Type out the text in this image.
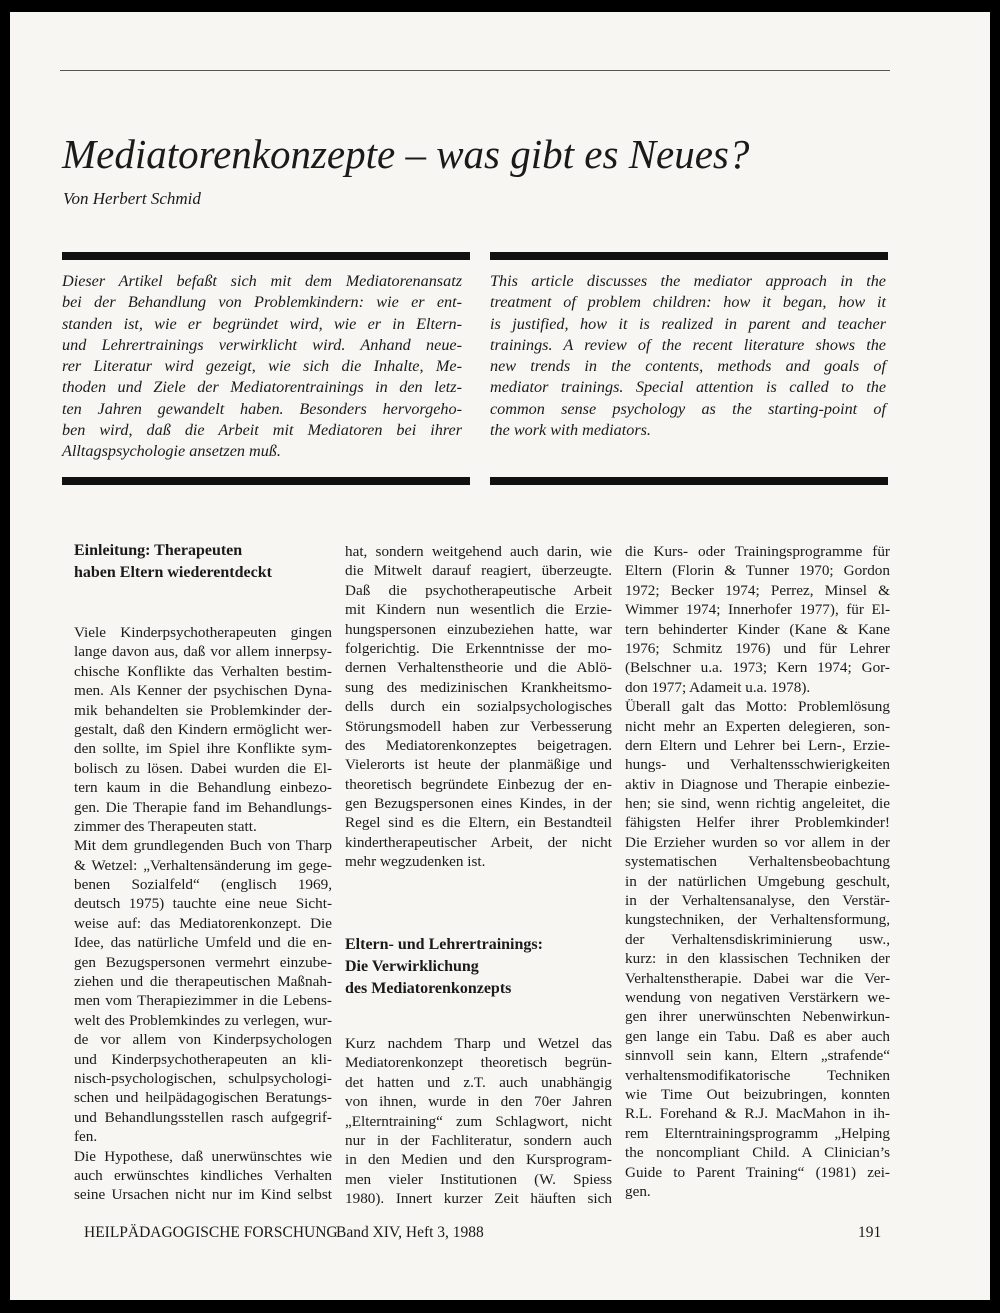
Mediatorenkonzepte – was gibt es Neues?
Von Herbert Schmid
Dieser Artikel befaßt sich mit dem Mediatorenansatz
bei der Behandlung von Problemkindern: wie er ent-
standen ist, wie er begründet wird, wie er in Eltern-
und Lehrertrainings verwirklicht wird. Anhand neue-
rer Literatur wird gezeigt, wie sich die Inhalte, Me-
thoden und Ziele der Mediatorentrainings in den letz-
ten Jahren gewandelt haben. Besonders hervorgeho-
ben wird, daß die Arbeit mit Mediatoren bei ihrer
Alltagspsychologie ansetzen muß.
This article discusses the mediator approach in the
treatment of problem children: how it began, how it
is justified, how it is realized in parent and teacher
trainings. A review of the recent literature shows the
new trends in the contents, methods and goals of
mediator trainings. Special attention is called to the
common sense psychology as the starting-point of
the work with mediators.
Einleitung: Therapeuten
haben Eltern wiederentdeckt
Viele Kinderpsychotherapeuten gingen
lange davon aus, daß vor allem innerpsy-
chische Konflikte das Verhalten bestim-
men. Als Kenner der psychischen Dyna-
mik behandelten sie Problemkinder der-
gestalt, daß den Kindern ermöglicht wer-
den sollte, im Spiel ihre Konflikte sym-
bolisch zu lösen. Dabei wurden die El-
tern kaum in die Behandlung einbezo-
gen. Die Therapie fand im Behandlungs-
zimmer des Therapeuten statt.
Mit dem grundlegenden Buch von Tharp
& Wetzel: „Verhaltensänderung im gege-
benen Sozialfeld“ (englisch 1969,
deutsch 1975) tauchte eine neue Sicht-
weise auf: das Mediatorenkonzept. Die
Idee, das natürliche Umfeld und die en-
gen Bezugspersonen vermehrt einzube-
ziehen und die therapeutischen Maßnah-
men vom Therapiezimmer in die Lebens-
welt des Problemkindes zu verlegen, wur-
de vor allem von Kinderpsychologen
und Kinderpsychotherapeuten an kli-
nisch-psychologischen, schulpsychologi-
schen und heilpädagogischen Beratungs-
und Behandlungsstellen rasch aufgegrif-
fen.
Die Hypothese, daß unerwünschtes wie
auch erwünschtes kindliches Verhalten
seine Ursachen nicht nur im Kind selbst
hat, sondern weitgehend auch darin, wie
die Mitwelt darauf reagiert, überzeugte.
Daß die psychotherapeutische Arbeit
mit Kindern nun wesentlich die Erzie-
hungspersonen einzubeziehen hatte, war
folgerichtig. Die Erkenntnisse der mo-
dernen Verhaltenstheorie und die Ablö-
sung des medizinischen Krankheitsmo-
dells durch ein sozialpsychologisches
Störungsmodell haben zur Verbesserung
des Mediatorenkonzeptes beigetragen.
Vielerorts ist heute der planmäßige und
theoretisch begründete Einbezug der en-
gen Bezugspersonen eines Kindes, in der
Regel sind es die Eltern, ein Bestandteil
kindertherapeutischer Arbeit, der nicht
mehr wegzudenken ist.
Eltern- und Lehrertrainings:
Die Verwirklichung
des Mediatorenkonzepts
Kurz nachdem Tharp und Wetzel das
Mediatorenkonzept theoretisch begrün-
det hatten und z.T. auch unabhängig
von ihnen, wurde in den 70er Jahren
„Elterntraining“ zum Schlagwort, nicht
nur in der Fachliteratur, sondern auch
in den Medien und den Kursprogram-
men vieler Institutionen (W. Spiess
1980). Innert kurzer Zeit häuften sich
die Kurs- oder Trainingsprogramme für
Eltern (Florin & Tunner 1970; Gordon
1972; Becker 1974; Perrez, Minsel &
Wimmer 1974; Innerhofer 1977), für El-
tern behinderter Kinder (Kane & Kane
1976; Schmitz 1976) und für Lehrer
(Belschner u.a. 1973; Kern 1974; Gor-
don 1977; Adameit u.a. 1978).
Überall galt das Motto: Problemlösung
nicht mehr an Experten delegieren, son-
dern Eltern und Lehrer bei Lern-, Erzie-
hungs- und Verhaltensschwierigkeiten
aktiv in Diagnose und Therapie einbezie-
hen; sie sind, wenn richtig angeleitet, die
fähigsten Helfer ihrer Problemkinder!
Die Erzieher wurden so vor allem in der
systematischen Verhaltensbeobachtung
in der natürlichen Umgebung geschult,
in der Verhaltensanalyse, den Verstär-
kungstechniken, der Verhaltensformung,
der Verhaltensdiskriminierung usw.,
kurz: in den klassischen Techniken der
Verhaltenstherapie. Dabei war die Ver-
wendung von negativen Verstärkern we-
gen ihrer unerwünschten Nebenwirkun-
gen lange ein Tabu. Daß es aber auch
sinnvoll sein kann, Eltern „strafende“
verhaltensmodifikatorische Techniken
wie Time Out beizubringen, konnten
R.L. Forehand & R.J. MacMahon in ih-
rem Elterntrainingsprogramm „Helping
the noncompliant Child. A Clinician’s
Guide to Parent Training“ (1981) zei-
gen.
HEILPÄDAGOGISCHE FORSCHUNG
Band XIV, Heft 3, 1988	191
